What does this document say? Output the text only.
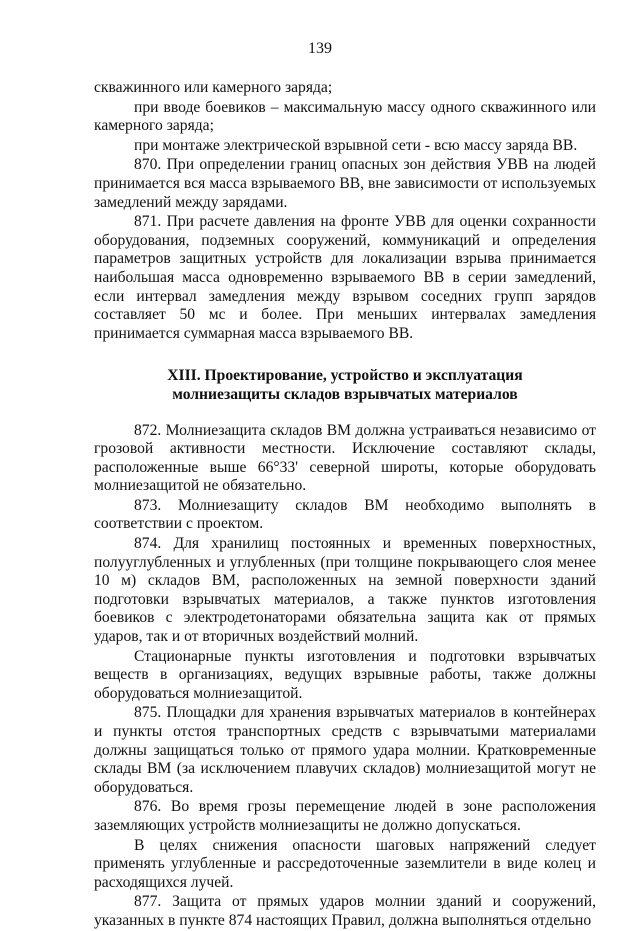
139

скважинного или камерного заряда;

при вводе боевиков – максимальную массу одного скважинного или камерного заряда;

при монтаже электрической взрывной сети - всю массу заряда ВВ.

870. При определении границ опасных зон действия УВВ на людей принимается вся масса взрываемого ВВ, вне зависимости от используемых замедлений между зарядами.

871. При расчете давления на фронте УВВ для оценки сохранности оборудования, подземных сооружений, коммуникаций и определения параметров защитных устройств для локализации взрыва принимается наибольшая масса одновременно взрываемого ВВ в серии замедлений, если интервал замедления между взрывом соседних групп зарядов составляет 50 мс и более. При меньших интервалах замедления принимается суммарная масса взрываемого ВВ.

XIII. Проектирование, устройство и эксплуатация молниезащиты складов взрывчатых материалов

872. Молниезащита складов ВМ должна устраиваться независимо от грозовой активности местности. Исключение составляют склады, расположенные выше 66°33' северной широты, которые оборудовать молниезащитой не обязательно.

873. Молниезащиту складов ВМ необходимо выполнять в соответствии с проектом.

874. Для хранилищ постоянных и временных поверхностных, полууглубленных и углубленных (при толщине покрывающего слоя менее 10 м) складов ВМ, расположенных на земной поверхности зданий подготовки взрывчатых материалов, а также пунктов изготовления боевиков с электродетонаторами обязательна защита как от прямых ударов, так и от вторичных воздействий молний.

Стационарные пункты изготовления и подготовки взрывчатых веществ в организациях, ведущих взрывные работы, также должны оборудоваться молниезащитой.

875. Площадки для хранения взрывчатых материалов в контейнерах и пункты отстоя транспортных средств с взрывчатыми материалами должны защищаться только от прямого удара молнии. Кратковременные склады ВМ (за исключением плавучих складов) молниезащитой могут не оборудоваться.

876. Во время грозы перемещение людей в зоне расположения заземляющих устройств молниезащиты не должно допускаться.

В целях снижения опасности шаговых напряжений следует применять углубленные и рассредоточенные заземлители в виде колец и расходящихся лучей.

877. Защита от прямых ударов молнии зданий и сооружений, указанных в пункте 874 настоящих Правил, должна выполняться отдельно
